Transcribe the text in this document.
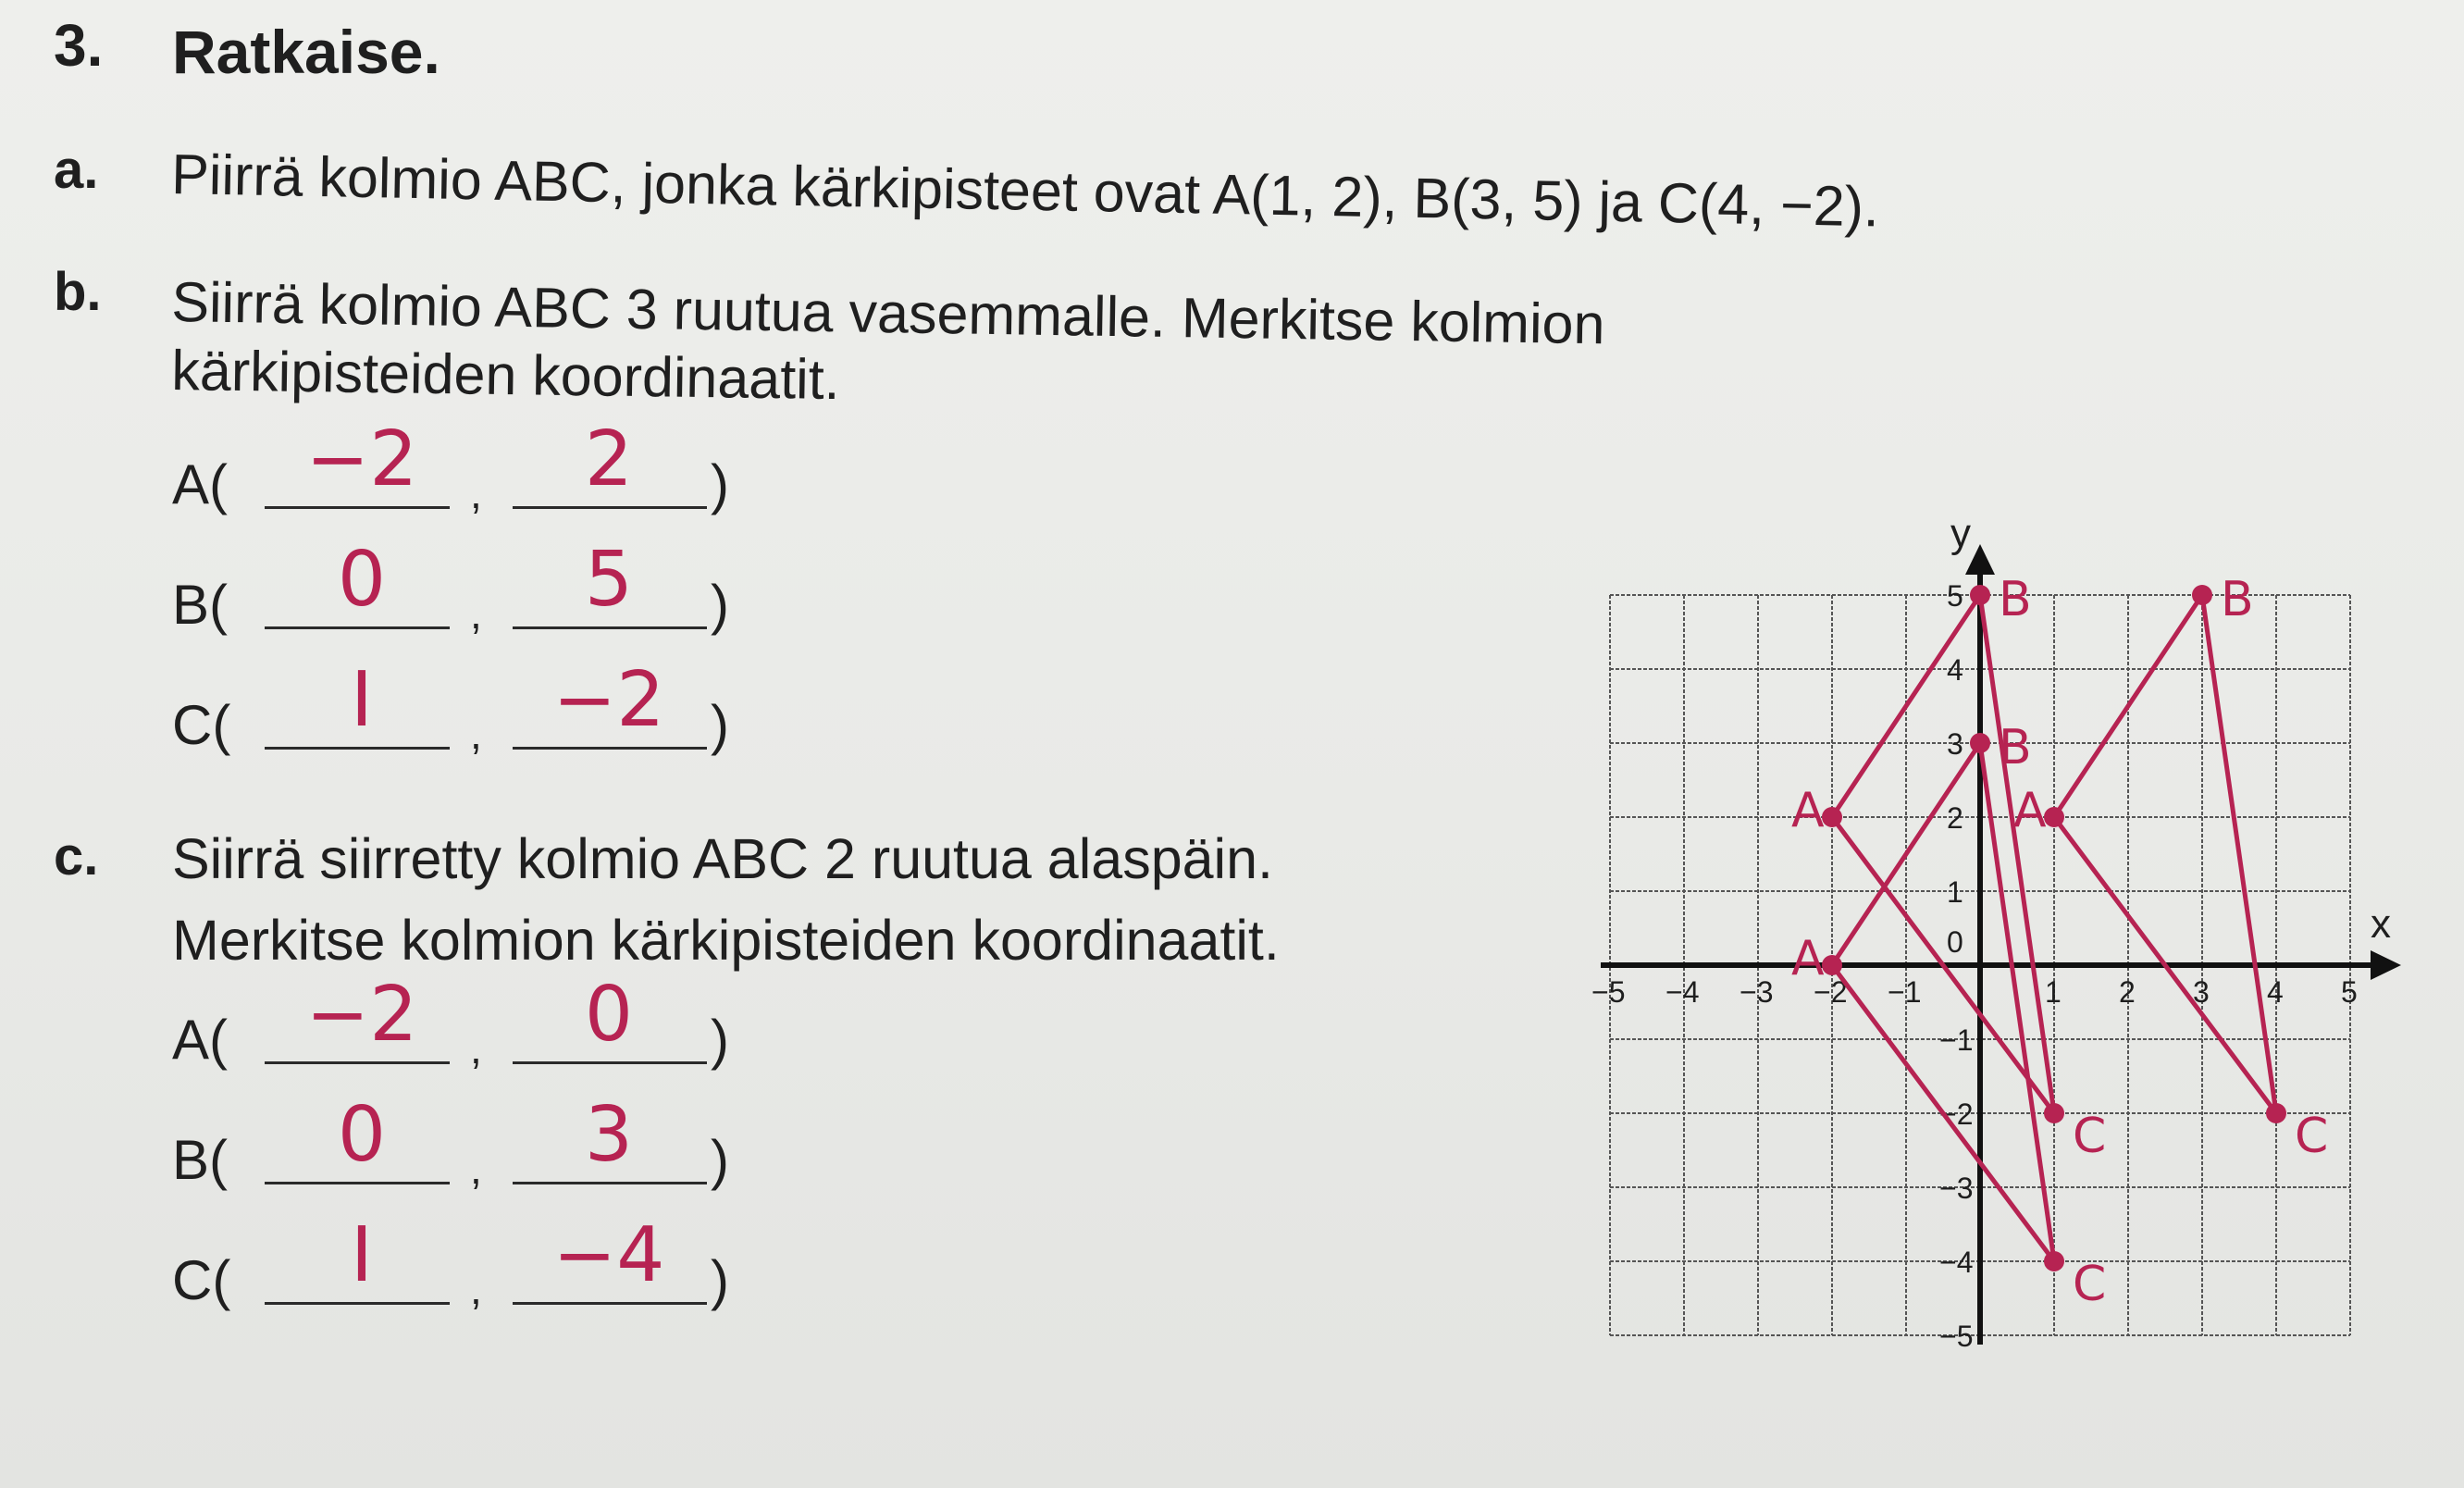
3. Ratkaise.
a. Piirrä kolmio ABC, jonka kärkipisteet ovat A(1, 2), B(3, 5) ja C(4, −2).
b. Siirrä kolmio ABC 3 ruutua vasemmalle. Merkitse kolmion
kärkipisteiden koordinaatit.
A(	−2	,	2	)
B(	0	,	5	)
C(	I	, −2 )
c. Siirrä siirretty kolmio ABC 2 ruutua alaspäin.
Merkitse kolmion kärkipisteiden koordinaatit.
A(	−2	,	0	)
B(	0	,	3	)
C(	I	, −4 )
x
y
−5 −4 −3 −2 −1	1 2 3 4 5
5
4
3
2
1
−1
−2
−3
−4
−5
0
A
B
C
A
B
C
A
B
C
